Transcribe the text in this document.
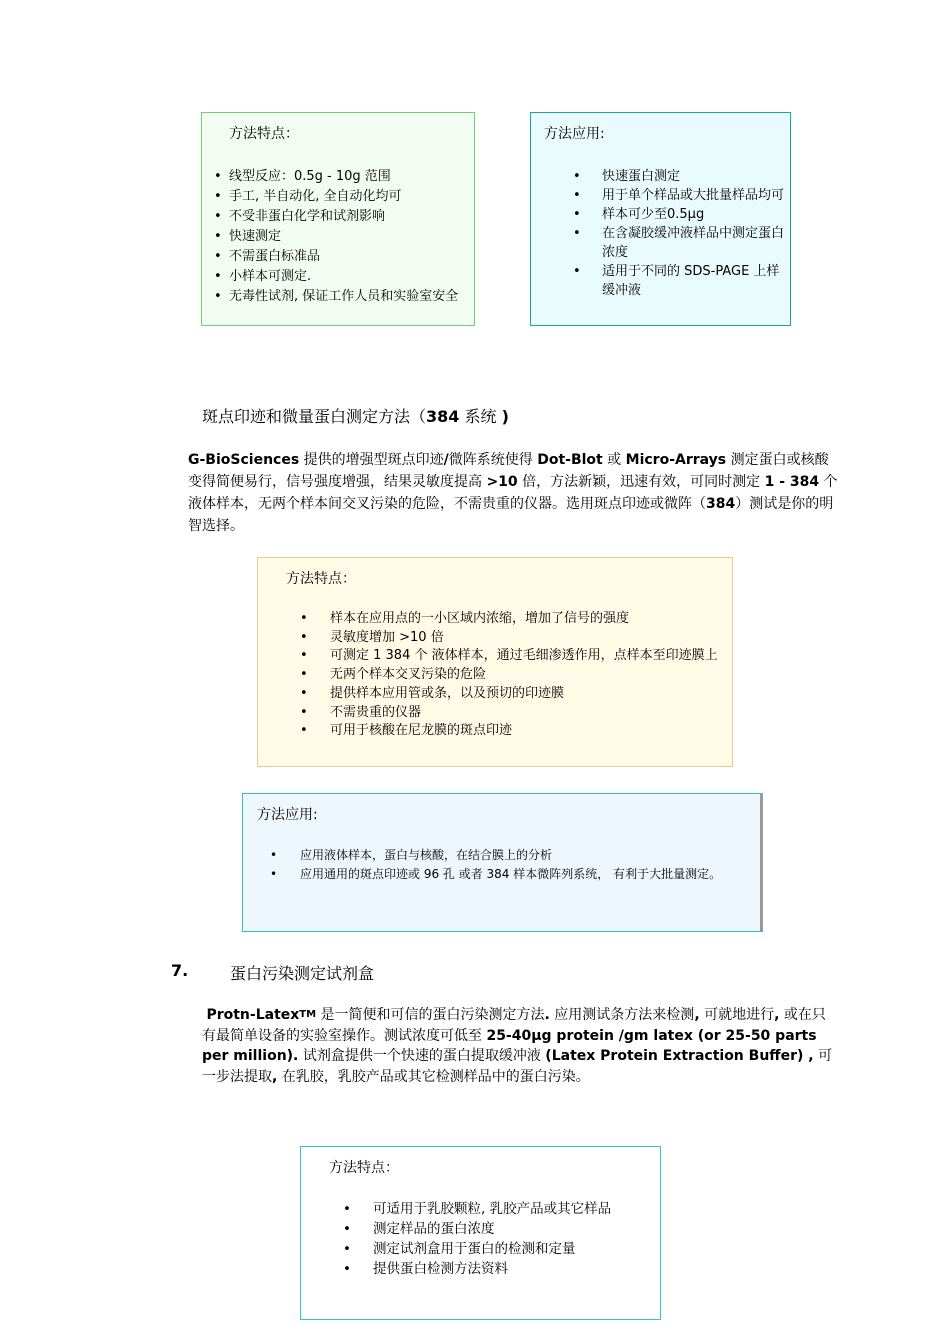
方法特点：
• 线型反应：0.5g - 10g 范围
• 手工, 半自动化, 全自动化均可
• 不受非蛋白化学和试剂影响
• 快速测定
• 不需蛋白标准品
• 小样本可测定.
• 无毒性试剂, 保证工作人员和实验室安全
方法应用:
• 快速蛋白测定
• 用于单个样品或大批量样品均可
• 样本可少至0.5μg
• 在含凝胶缓冲液样品中测定蛋白浓度
• 适用于不同的 SDS-PAGE 上样缓冲液
斑点印迹和微量蛋白测定方法（384 系统 )

G-BioSciences 提供的增强型斑点印迹/微阵系统使得 Dot-Blot 或 Micro-Arrays 测定蛋白或核酸变得简便易行，信号强度增强，结果灵敏度提高 >10 倍，方法新颖，迅速有效，可同时测定 1 - 384 个液体样本，无两个样本间交叉污染的危险，不需贵重的仪器。选用斑点印迹或微阵（384）测试是你的明智选择。

方法特点：
• 样本在应用点的一小区域内浓缩，增加了信号的强度
• 灵敏度增加 >10 倍
• 可测定 1 384 个 液体样本，通过毛细渗透作用，点样本至印迹膜上
• 无两个样本交叉污染的危险
• 提供样本应用管或条，以及预切的印迹膜
• 不需贵重的仪器
• 可用于核酸在尼龙膜的斑点印迹
方法应用:
• 应用液体样本，蛋白与核酸，在结合膜上的分析
• 应用通用的斑点印迹或 96 孔 或者 384 样本微阵列系统， 有利于大批量测定。
7.	蛋白污染测定试剂盒

Protn-Latex™ 是一简便和可信的蛋白污染测定方法. 应用测试条方法来检测, 可就地进行, 或在只有最简单设备的实验室操作。测试浓度可低至 25-40µg protein /gm latex (or 25-50 parts per million). 试剂盒提供一个快速的蛋白提取缓冲液 (Latex Protein Extraction Buffer) , 可一步法提取, 在乳胶，乳胶产品或其它检测样品中的蛋白污染。

方法特点：
• 可适用于乳胶颗粒, 乳胶产品或其它样品
• 测定样品的蛋白浓度
• 测定试剂盒用于蛋白的检测和定量
• 提供蛋白检测方法资料
